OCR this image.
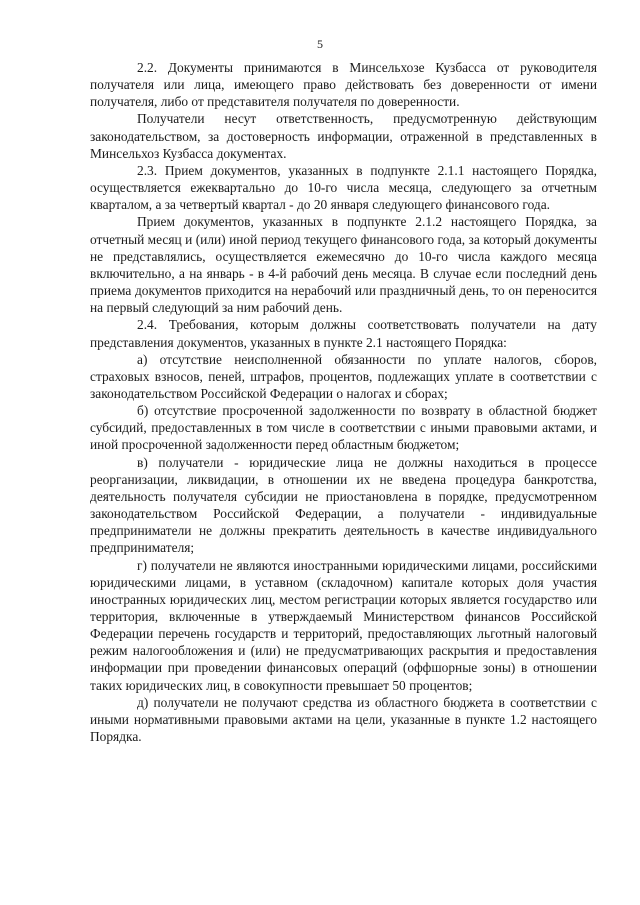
5

2.2. Документы принимаются в Минсельхозе Кузбасса от руководителя получателя или лица, имеющего право действовать без доверенности от имени получателя, либо от представителя получателя по доверенности.

Получатели несут ответственность, предусмотренную действующим законодательством, за достоверность информации, отраженной в представленных в Минсельхоз Кузбасса документах.

2.3. Прием документов, указанных в подпункте 2.1.1 настоящего Порядка, осуществляется ежеквартально до 10-го числа месяца, следующего за отчетным кварталом, а за четвертый квартал - до 20 января следующего финансового года.

Прием документов, указанных в подпункте 2.1.2 настоящего Порядка, за отчетный месяц и (или) иной период текущего финансового года, за который документы не представлялись, осуществляется ежемесячно до 10-го числа каждого месяца включительно, а на январь - в 4-й рабочий день месяца. В случае если последний день приема документов приходится на нерабочий или праздничный день, то он переносится на первый следующий за ним рабочий день.

2.4. Требования, которым должны соответствовать получатели на дату представления документов, указанных в пункте 2.1 настоящего Порядка:

а) отсутствие неисполненной обязанности по уплате налогов, сборов, страховых взносов, пеней, штрафов, процентов, подлежащих уплате в соответствии с законодательством Российской Федерации о налогах и сборах;

б) отсутствие просроченной задолженности по возврату в областной бюджет субсидий, предоставленных в том числе в соответствии с иными правовыми актами, и иной просроченной задолженности перед областным бюджетом;

в) получатели - юридические лица не должны находиться в процессе реорганизации, ликвидации, в отношении их не введена процедура банкротства, деятельность получателя субсидии не приостановлена в порядке, предусмотренном законодательством Российской Федерации, а получатели - индивидуальные предприниматели не должны прекратить деятельность в качестве индивидуального предпринимателя;

г) получатели не являются иностранными юридическими лицами, российскими юридическими лицами, в уставном (складочном) капитале которых доля участия иностранных юридических лиц, местом регистрации которых является государство или территория, включенные в утверждаемый Министерством финансов Российской Федерации перечень государств и территорий, предоставляющих льготный налоговый режим налогообложения и (или) не предусматривающих раскрытия и предоставления информации при проведении финансовых операций (оффшорные зоны) в отношении таких юридических лиц, в совокупности превышает 50 процентов;

д) получатели не получают средства из областного бюджета в соответствии с иными нормативными правовыми актами на цели, указанные в пункте 1.2 настоящего Порядка.
